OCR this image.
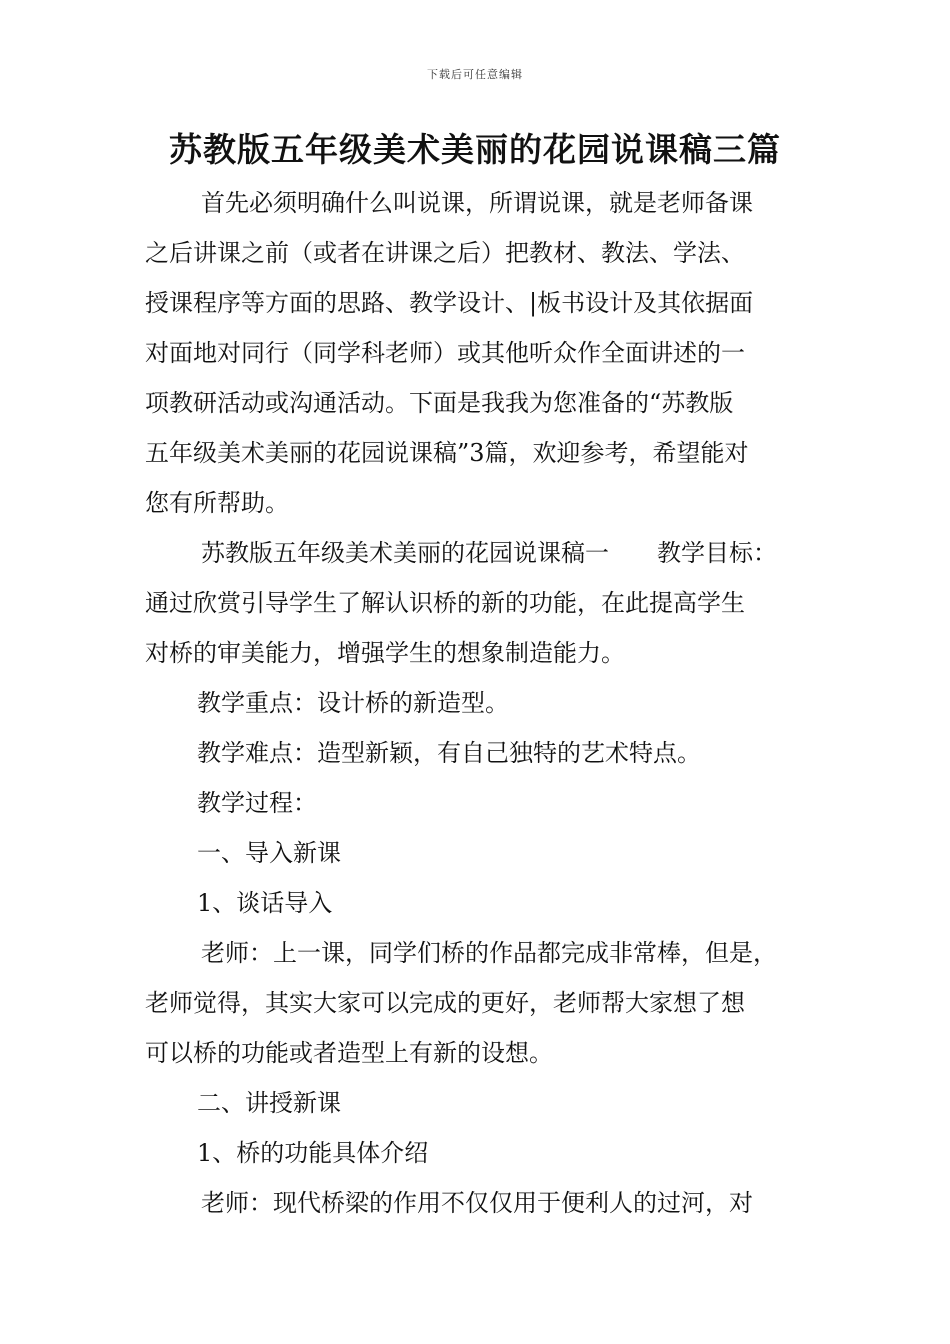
下载后可任意编辑
苏教版五年级美术美丽的花园说课稿三篇
首先必须明确什么叫说课，所谓说课，就是老师备课
之后讲课之前（或者在讲课之后）把教材、教法、学法、
授课程序等方面的思路、教学设计、|板书设计及其依据面
对面地对同行（同学科老师）或其他听众作全面讲述的一
项教研活动或沟通活动。下面是我我为您准备的“苏教版
五年级美术美丽的花园说课稿”3篇，欢迎参考，希望能对
您有所帮助。
苏教版五年级美术美丽的花园说课稿一　　教学目标：
通过欣赏引导学生了解认识桥的新的功能，在此提高学生
对桥的审美能力，增强学生的想象制造能力。
教学重点：设计桥的新造型。
教学难点：造型新颖，有自己独特的艺术特点。
教学过程：
一、导入新课
1、谈话导入
老师：上一课，同学们桥的作品都完成非常棒，但是，
老师觉得，其实大家可以完成的更好，老师帮大家想了想
可以桥的功能或者造型上有新的设想。
二、讲授新课
1、桥的功能具体介绍
老师：现代桥梁的作用不仅仅用于便利人的过河，对
